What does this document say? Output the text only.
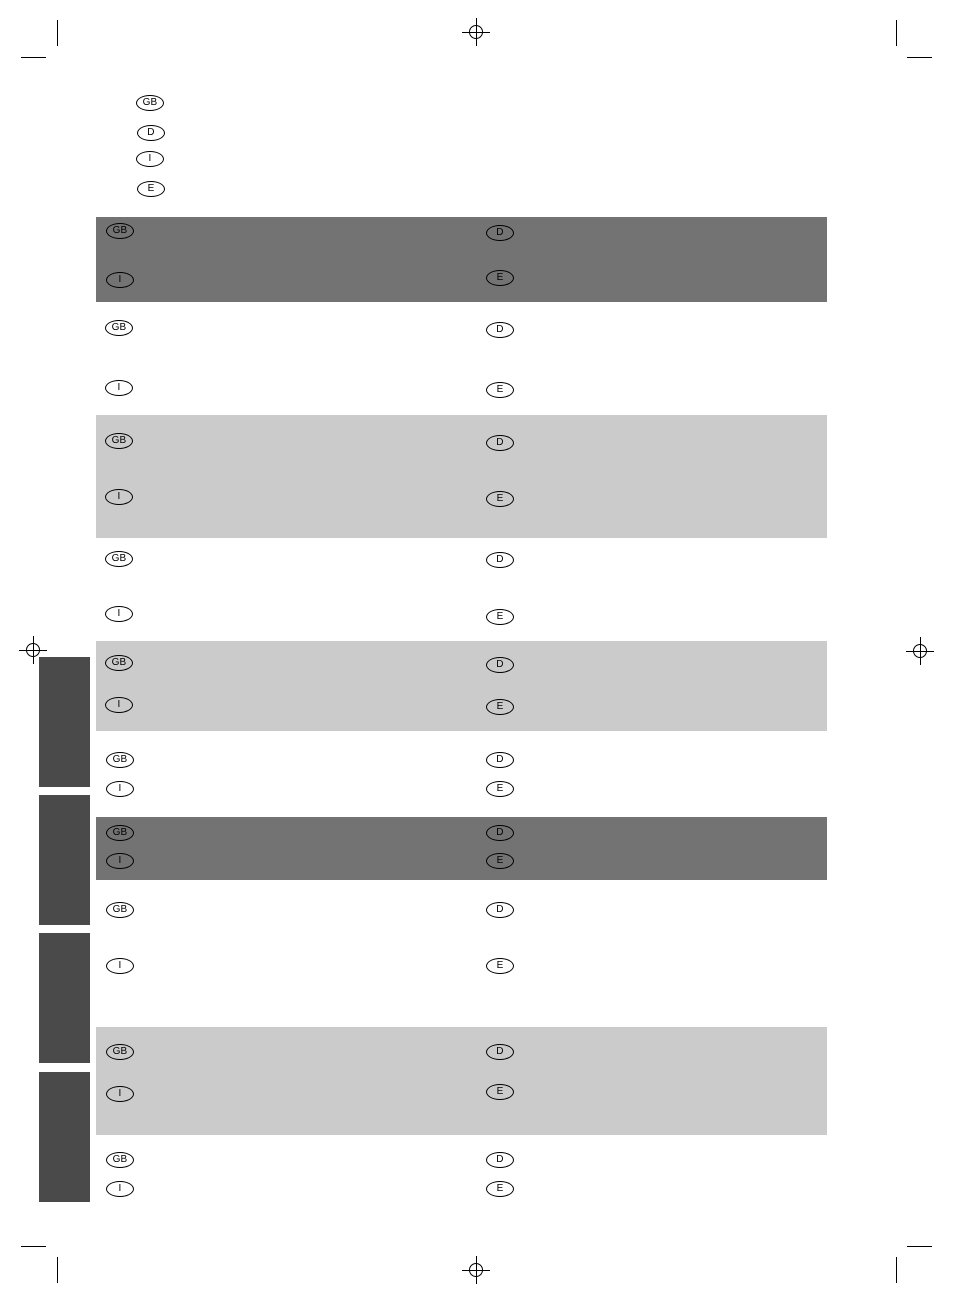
GB
D
I
E
GB	D
I	E
GB	D
I	E
GB	D
I	E
GB	D
I	E
GB	D
I	E
GB	D
I	E
GB	D
I	E
GB	D
I	E
GB	D
I	E
GB	D
I	E
